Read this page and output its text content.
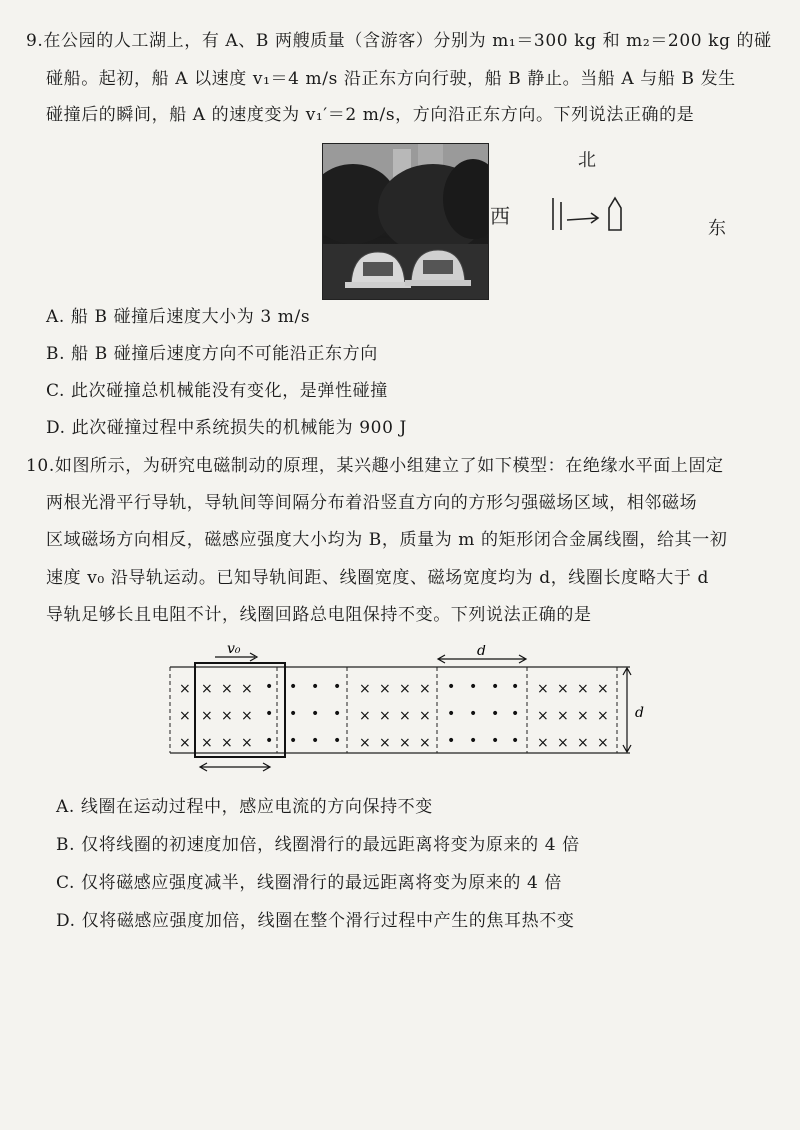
9.在公园的人工湖上，有 A、B 两艘质量（含游客）分别为 m₁＝300 kg 和 m₂＝200 kg 的碰
碰船。起初，船 A 以速度 v₁＝4 m/s 沿正东方向行驶，船 B 静止。当船 A 与船 B 发生
碰撞后的瞬间，船 A 的速度变为 v₁′＝2 m/s，方向沿正东方向。下列说法正确的是
北
西
东
A. 船 B 碰撞后速度大小为 3 m/s
B. 船 B 碰撞后速度方向不可能沿正东方向
C. 此次碰撞总机械能没有变化，是弹性碰撞
D. 此次碰撞过程中系统损失的机械能为 900 J
10.如图所示，为研究电磁制动的原理，某兴趣小组建立了如下模型：在绝缘水平面上固定
两根光滑平行导轨，导轨间等间隔分布着沿竖直方向的方形匀强磁场区域，相邻磁场
区域磁场方向相反，磁感应强度大小均为 B，质量为 m 的矩形闭合金属线圈，给其一初
速度 v₀ 沿导轨运动。已知导轨间距、线圈宽度、磁场宽度均为 d，线圈长度略大于 d
导轨足够长且电阻不计，线圈回路总电阻保持不变。下列说法正确的是
v₀	d
d
× × × ×
× × × ×
× × × ×
• • • •
• • • •
• • • •
× × × ×
× × × ×
× × × ×
• • • •
• • • •
• • • •
× × × ×
× × × ×
× × × ×
A. 线圈在运动过程中，感应电流的方向保持不变
B. 仅将线圈的初速度加倍，线圈滑行的最远距离将变为原来的 4 倍
C. 仅将磁感应强度减半，线圈滑行的最远距离将变为原来的 4 倍
D. 仅将磁感应强度加倍，线圈在整个滑行过程中产生的焦耳热不变
